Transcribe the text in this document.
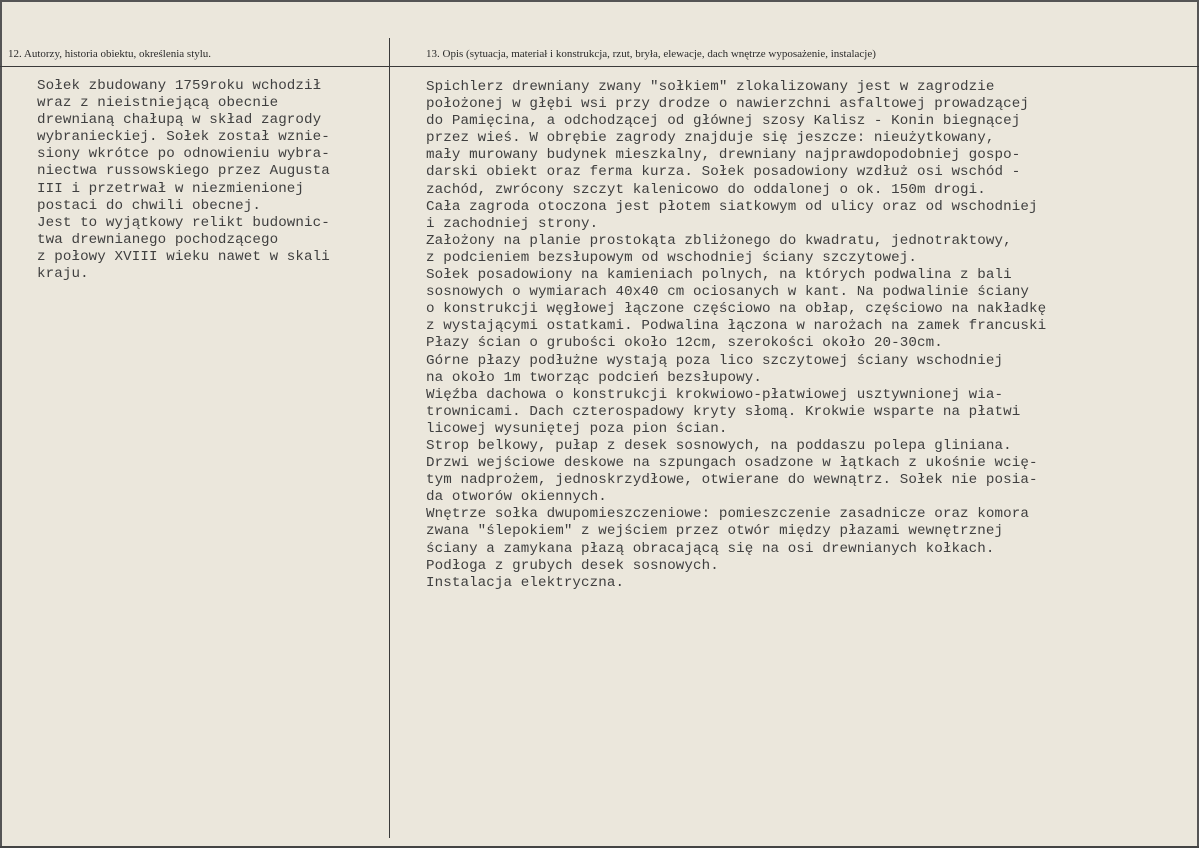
12. Autorzy, historia obiektu, określenia stylu.	13. Opis (sytuacja, materiał i konstrukcja, rzut, bryła, elewacje, dach wnętrze wyposażenie, instalacje)
Sołek zbudowany 1759roku wchodził
wraz z nieistniejącą obecnie
drewnianą chałupą w skład zagrody
wybranieckiej. Sołek został wznie-
siony wkrótce po odnowieniu wybra-
niectwa russowskiego przez Augusta
III i przetrwał w niezmienionej
postaci do chwili obecnej.
Jest to wyjątkowy relikt budownic-
twa drewnianego pochodzącego
z połowy XVIII wieku nawet w skali
kraju.
Spichlerz drewniany zwany "sołkiem" zlokalizowany jest w zagrodzie
położonej w głębi wsi przy drodze o nawierzchni asfaltowej prowadzącej
do Pamięcina, a odchodzącej od głównej szosy Kalisz - Konin biegnącej
przez wieś. W obrębie zagrody znajduje się jeszcze: nieużytkowany,
mały murowany budynek mieszkalny, drewniany najprawdopodobniej gospo-
darski obiekt oraz ferma kurza. Sołek posadowiony wzdłuż osi wschód -
zachód, zwrócony szczyt kalenicowo do oddalonej o ok. 150m drogi.
Cała zagroda otoczona jest płotem siatkowym od ulicy oraz od wschodniej
i zachodniej strony.
Założony na planie prostokąta zbliżonego do kwadratu, jednotraktowy,
z podcieniem bezsłupowym od wschodniej ściany szczytowej.
Sołek posadowiony na kamieniach polnych, na których podwalina z bali
sosnowych o wymiarach 40x40 cm ociosanych w kant. Na podwalinie ściany
o konstrukcji węgłowej łączone częściowo na obłap, częściowo na nakładkę
z wystającymi ostatkami. Podwalina łączona w narożach na zamek francuski
Płazy ścian o grubości około 12cm, szerokości około 20-30cm.
Górne płazy podłużne wystają poza lico szczytowej ściany wschodniej
na około 1m tworząc podcień bezsłupowy.
Więźba dachowa o konstrukcji krokwiowo-płatwiowej usztywnionej wia-
trownicami. Dach czterospadowy kryty słomą. Krokwie wsparte na płatwi
licowej wysuniętej poza pion ścian.
Strop belkowy, pułap z desek sosnowych, na poddaszu polepa gliniana.
Drzwi wejściowe deskowe na szpungach osadzone w łątkach z ukośnie wcię-
tym nadprożem, jednoskrzydłowe, otwierane do wewnątrz. Sołek nie posia-
da otworów okiennych.
Wnętrze sołka dwupomieszczeniowe: pomieszczenie zasadnicze oraz komora
zwana "ślepokiem" z wejściem przez otwór między płazami wewnętrznej
ściany a zamykana płazą obracającą się na osi drewnianych kołkach.
Podłoga z grubych desek sosnowych.
Instalacja elektryczna.
